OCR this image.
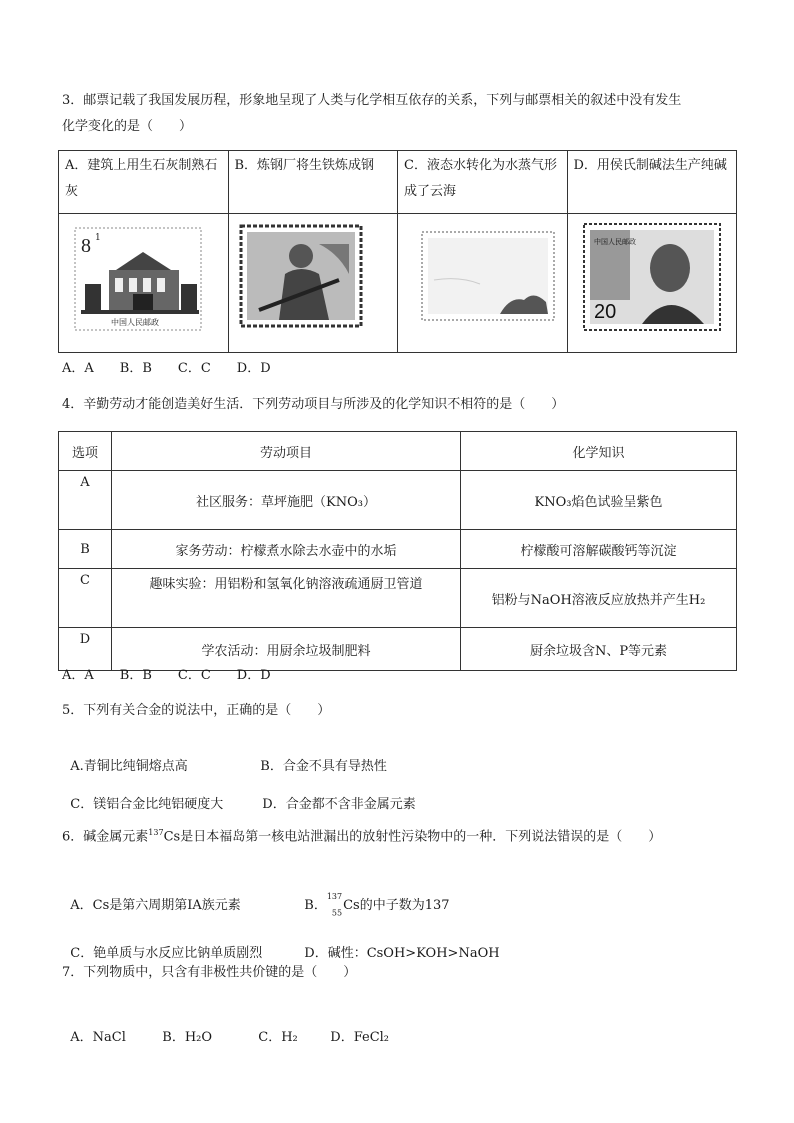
3．邮票记载了我国发展历程，形象地呈现了人类与化学相互依存的关系，下列与邮票相关的叙述中没有发生
化学变化的是（　　）
A．建筑上用生石灰制熟石灰	B．炼钢厂将生铁炼成钢	C．液态水转化为水蒸气形成了云海	D．用侯氏制碱法生产纯碱

8 1
中国人民邮政			中国人民邮政
20
A．A　　B．B　　C．C　　D．D
4．辛勤劳动才能创造美好生活．下列劳动项目与所涉及的化学知识不相符的是（　　）
选项	劳动项目	化学知识
A	社区服务：草坪施肥（KNO₃）	KNO₃焰色试验呈紫色
B	家务劳动：柠檬煮水除去水壶中的水垢	柠檬酸可溶解碳酸钙等沉淀
C	趣味实验：用铝粉和氢氧化钠溶液疏通厨卫管道	铝粉与NaOH溶液反应放热并产生H₂
D	学农活动：用厨余垃圾制肥料	厨余垃圾含N、P等元素
A．A　　B．B　　C．C　　D．D
5．下列有关合金的说法中，正确的是（　　）

A.青铜比纯铜熔点高	B．合金不具有导热性

C．镁铝合金比纯铝硬度大	D．合金都不含非金属元素

6．碱金属元素$^{137}$Cs是日本福岛第一核电站泄漏出的放射性污染物中的一种．下列说法错误的是（　　）

A．Cs是第六周期第ⅠA族元素	B．$^{137}$
$_{55}$Cs的中子数为137

C．铯单质与水反应比钠单质剧烈	D．碱性：CsOH>KOH>NaOH

7．下列物质中，只含有非极性共价键的是（　　）

A．NaCl	B．H₂O	C．H₂	D．FeCl₂
